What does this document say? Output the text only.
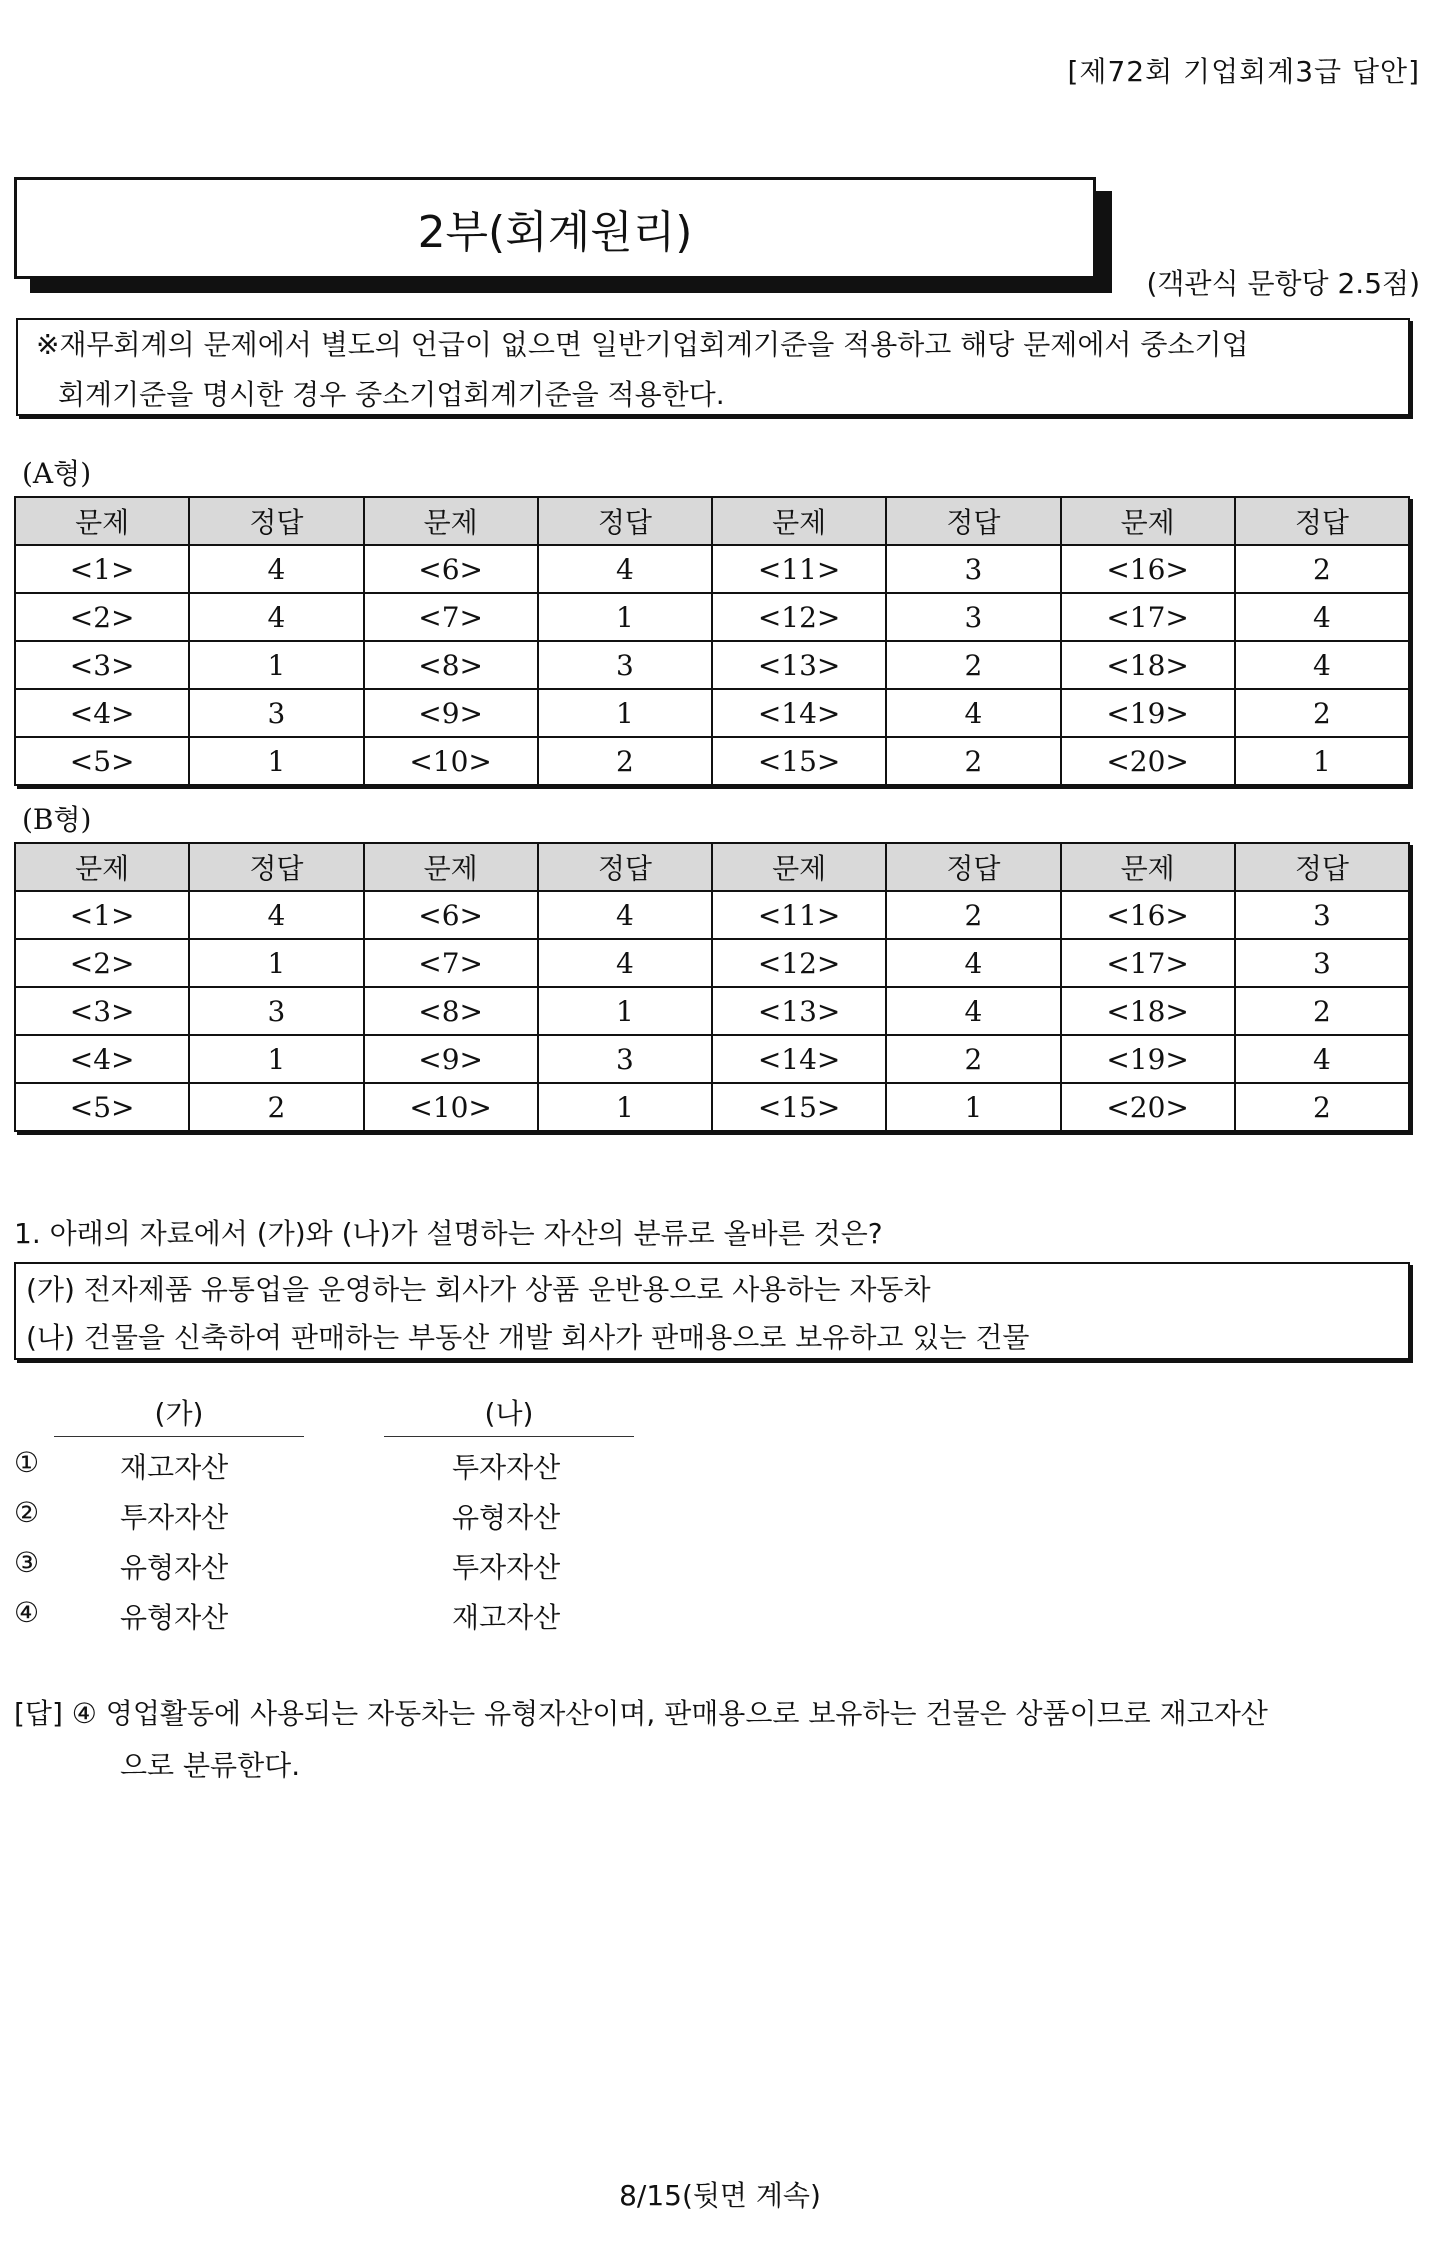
[제72회 기업회계3급 답안]
2부(회계원리)
(객관식 문항당 2.5점)
※재무회계의 문제에서 별도의 언급이 없으면 일반기업회계기준을 적용하고 해당 문제에서 중소기업
회계기준을 명시한 경우 중소기업회계기준을 적용한다.
(A형)
문제	정답	문제	정답	문제	정답	문제	정답
<1>	4	<6>	4	<11>	3	<16>	2
<2>	4	<7>	1	<12>	3	<17>	4
<3>	1	<8>	3	<13>	2	<18>	4
<4>	3	<9>	1	<14>	4	<19>	2
<5>	1	<10>	2	<15>	2	<20>	1
(B형)
문제	정답	문제	정답	문제	정답	문제	정답
<1>	4	<6>	4	<11>	2	<16>	3
<2>	1	<7>	4	<12>	4	<17>	3
<3>	3	<8>	1	<13>	4	<18>	2
<4>	1	<9>	3	<14>	2	<19>	4
<5>	2	<10>	1	<15>	1	<20>	2
1. 아래의 자료에서 (가)와 (나)가 설명하는 자산의 분류로 올바른 것은?
(가) 전자제품 유통업을 운영하는 회사가 상품 운반용으로 사용하는 자동차
(나) 건물을 신축하여 판매하는 부동산 개발 회사가 판매용으로 보유하고 있는 건물
(가)	(나)
①	재고자산	투자자산
②	투자자산	유형자산
③	유형자산	투자자산
④	유형자산	재고자산
[답] ④ 영업활동에 사용되는 자동차는 유형자산이며, 판매용으로 보유하는 건물은 상품이므로 재고자산
으로 분류한다.
8/15(뒷면 계속)
